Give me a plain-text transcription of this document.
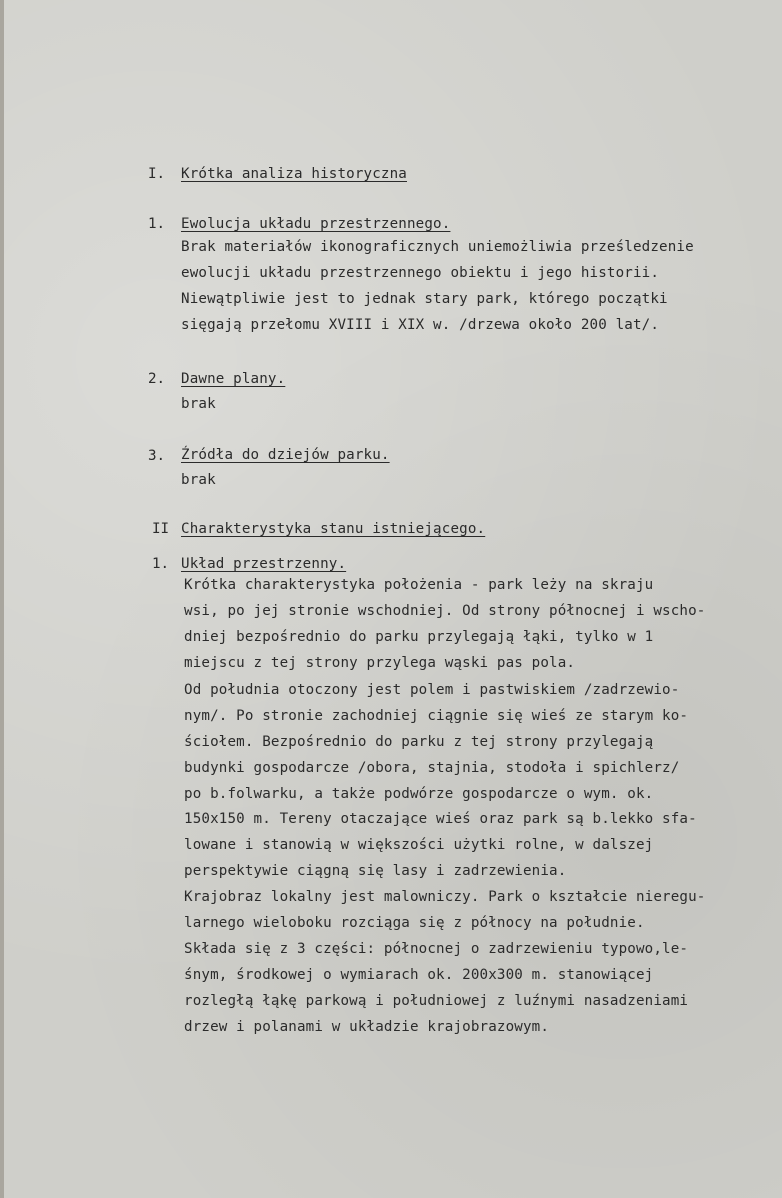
I. Krótka analiza historyczna
1. Ewolucja układu przestrzennego.
Brak materiałów ikonograficznych uniemożliwia prześledzenie
ewolucji układu przestrzennego obiektu i jego historii.
Niewątpliwie jest to jednak stary park, którego początki
sięgają przełomu XVIII i XIX w. /drzewa około 200 lat/.
2. Dawne plany.
brak
3. Źródła do dziejów parku.
brak
II Charakterystyka stanu istniejącego.
1. Układ przestrzenny.
Krótka charakterystyka położenia - park leży na skraju
wsi, po jej stronie wschodniej. Od strony północnej i wscho-
dniej bezpośrednio do parku przylegają łąki, tylko w 1
miejscu z tej strony przylega wąski pas pola.
Od południa otoczony jest polem i pastwiskiem /zadrzewio-
nym/. Po stronie zachodniej ciągnie się wieś ze starym ko-
ściołem. Bezpośrednio do parku z tej strony przylegają
budynki gospodarcze /obora, stajnia, stodoła i spichlerz/
po b.folwarku, a także podwórze gospodarcze o wym. ok.
150x150 m. Tereny otaczające wieś oraz park są b.lekko sfa-
lowane i stanowią w większości użytki rolne, w dalszej
perspektywie ciągną się lasy i zadrzewienia.
Krajobraz lokalny jest malowniczy. Park o kształcie nieregu-
larnego wieloboku rozciąga się z północy na południe.
Składa się z 3 części: północnej o zadrzewieniu typowo,le-
śnym, środkowej o wymiarach ok. 200x300 m. stanowiącej
rozległą łąkę parkową i południowej z luźnymi nasadzeniami
drzew i polanami w układzie krajobrazowym.
